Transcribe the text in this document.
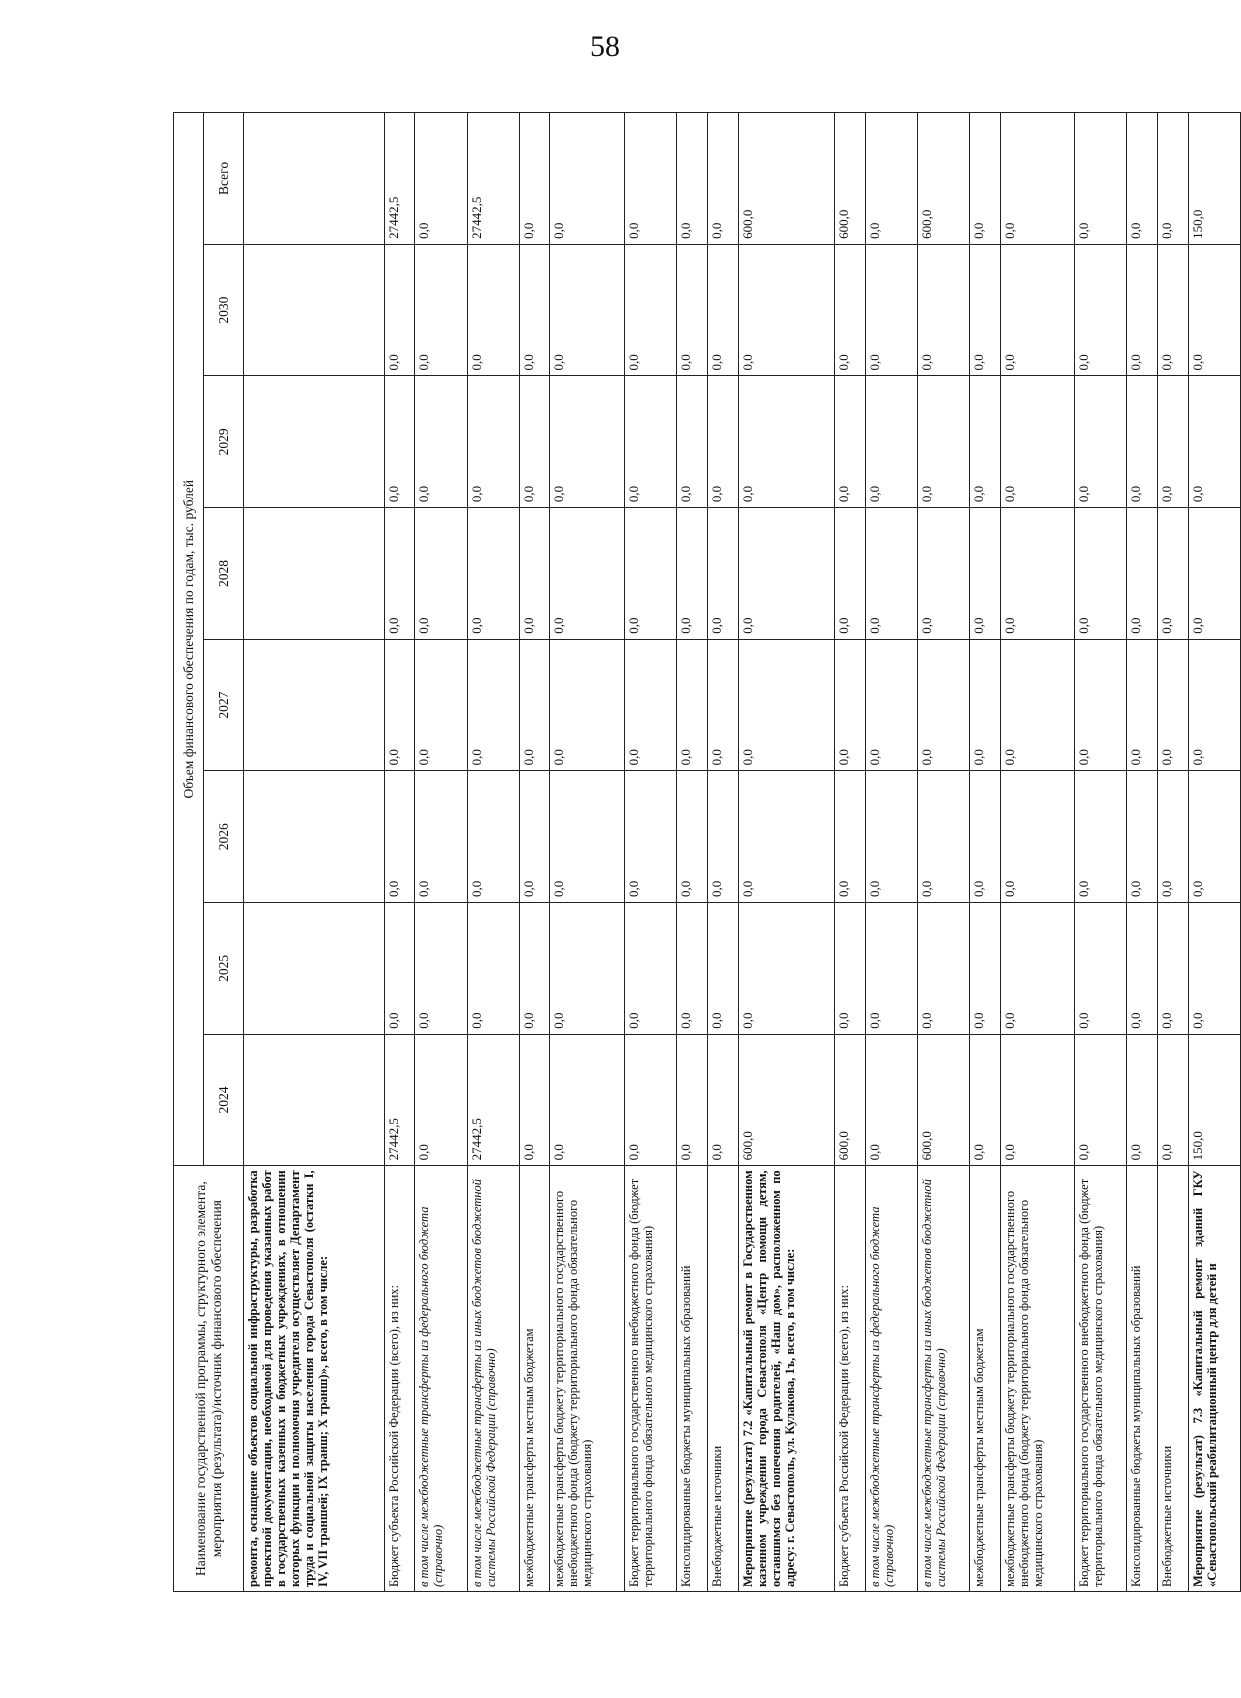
58
Наименование государственной программы, структурного элемента, мероприятия (результата)/источник финансового обеспечения	Объем финансового обеспечения по годам, тыс. рублей							
	2024	2025	2026	2027	2028	2029	2030	Всего
ремонта, оснащение объектов социальной инфраструктуры, разработка проектной документации, необходимой для проведения указанных работ в государственных казенных и бюджетных учреждениях, в отношении которых функции и полномочия учредителя осуществляет Департамент труда и социальной защиты населения города Севастополя (остатки I, IV, VII траншей; IX транш; X транш)», всего, в том числе:								
Бюджет субъекта Российской Федерации (всего), из них:	27442,5	0,0	0,0	0,0	0,0	0,0	0,0	27442,5
в том числе межбюджетные трансферты из федерального бюджета (справочно)	0,0	0,0	0,0	0,0	0,0	0,0	0,0	0,0
в том числе межбюджетные трансферты из иных бюджетов бюджетной системы Российской Федерации (справочно)	27442,5	0,0	0,0	0,0	0,0	0,0	0,0	27442,5
межбюджетные трансферты местным бюджетам	0,0	0,0	0,0	0,0	0,0	0,0	0,0	0,0
межбюджетные трансферты бюджету территориального государственного внебюджетного фонда (бюджету территориального фонда обязательного медицинского страхования)	0,0	0,0	0,0	0,0	0,0	0,0	0,0	0,0
Бюджет территориального государственного внебюджетного фонда (бюджет территориального фонда обязательного медицинского страхования)	0,0	0,0	0,0	0,0	0,0	0,0	0,0	0,0
Консолидированные бюджеты муниципальных образований	0,0	0,0	0,0	0,0	0,0	0,0	0,0	0,0
Внебюджетные источники	0,0	0,0	0,0	0,0	0,0	0,0	0,0	0,0
Мероприятие (результат) 7.2 «Капитальный ремонт в Государственном казенном учреждении города Севастополя «Центр помощи детям, оставшимся без попечения родителей, «Наш дом», расположенном по адресу: г. Севастополь, ул. Кулакова, 1ъ, всего, в том числе:	600,0	0,0	0,0	0,0	0,0	0,0	0,0	600,0
Бюджет субъекта Российской Федерации (всего), из них:	600,0	0,0	0,0	0,0	0,0	0,0	0,0	600,0
в том числе межбюджетные трансферты из федерального бюджета (справочно)	0,0	0,0	0,0	0,0	0,0	0,0	0,0	0,0
в том числе межбюджетные трансферты из иных бюджетов бюджетной системы Российской Федерации (справочно)	600,0	0,0	0,0	0,0	0,0	0,0	0,0	600,0
межбюджетные трансферты местным бюджетам	0,0	0,0	0,0	0,0	0,0	0,0	0,0	0,0
межбюджетные трансферты бюджету территориального государственного внебюджетного фонда (бюджету территориального фонда обязательного медицинского страхования)	0,0	0,0	0,0	0,0	0,0	0,0	0,0	0,0
Бюджет территориального государственного внебюджетного фонда (бюджет территориального фонда обязательного медицинского страхования)	0,0	0,0	0,0	0,0	0,0	0,0	0,0	0,0
Консолидированные бюджеты муниципальных образований	0,0	0,0	0,0	0,0	0,0	0,0	0,0	0,0
Внебюджетные источники	0,0	0,0	0,0	0,0	0,0	0,0	0,0	0,0
Мероприятие (результат) 7.3 «Капитальный ремонт зданий ГКУ «Севастопольский реабилитационный центр для детей и	150,0	0,0	0,0	0,0	0,0	0,0	0,0	150,0
